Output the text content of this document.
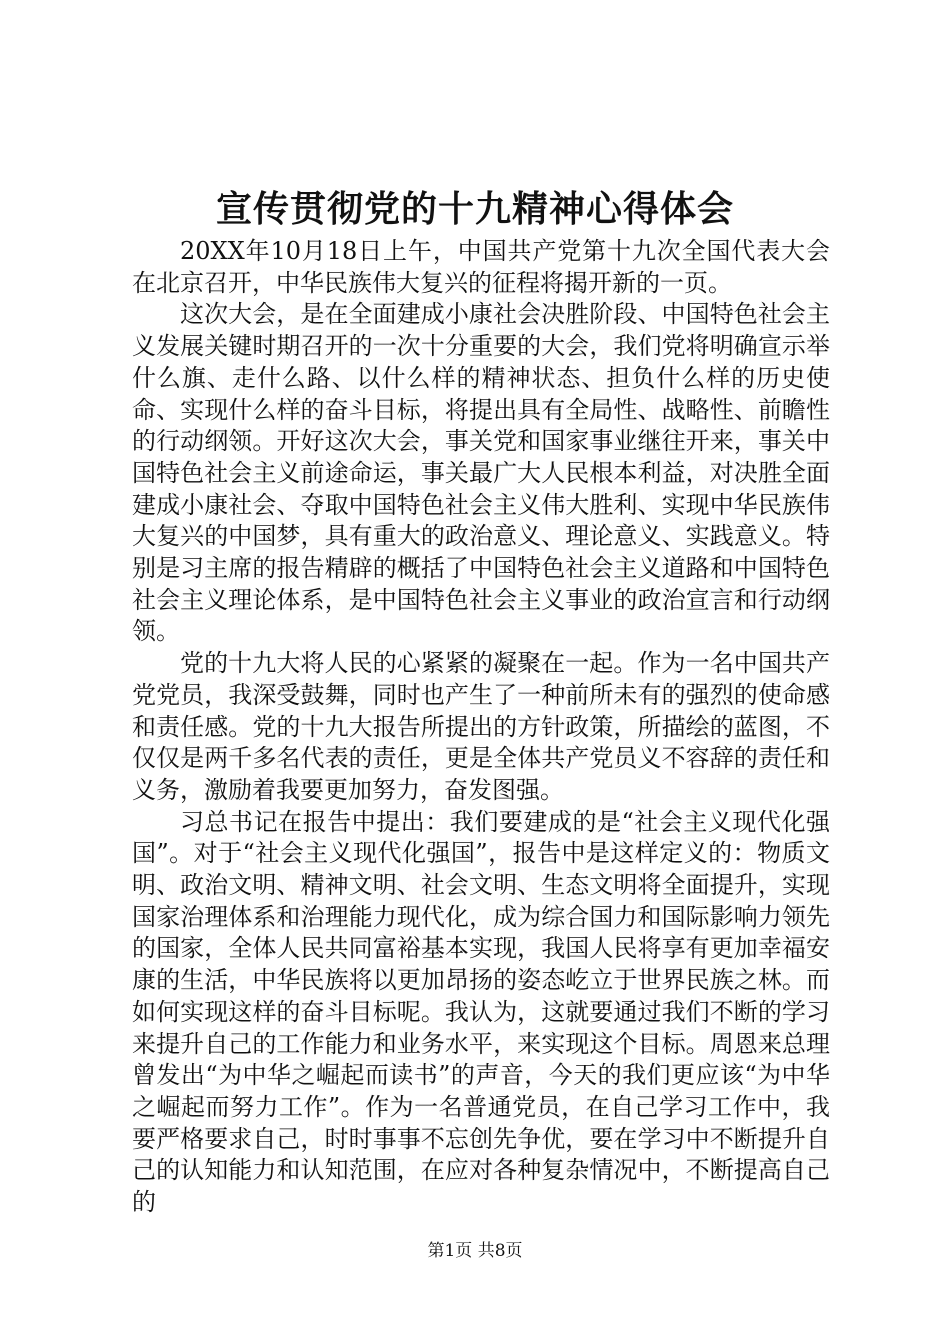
宣传贯彻党的十九精神心得体会

20XX年10月18日上午，中国共产党第十九次全国代表大会在北京召开，中华民族伟大复兴的征程将揭开新的一页。

这次大会，是在全面建成小康社会决胜阶段、中国特色社会主义发展关键时期召开的一次十分重要的大会，我们党将明确宣示举什么旗、走什么路、以什么样的精神状态、担负什么样的历史使命、实现什么样的奋斗目标，将提出具有全局性、战略性、前瞻性的行动纲领。开好这次大会，事关党和国家事业继往开来，事关中国特色社会主义前途命运，事关最广大人民根本利益，对决胜全面建成小康社会、夺取中国特色社会主义伟大胜利、实现中华民族伟大复兴的中国梦，具有重大的政治意义、理论意义、实践意义。特别是习主席的报告精辟的概括了中国特色社会主义道路和中国特色社会主义理论体系，是中国特色社会主义事业的政治宣言和行动纲领。

党的十九大将人民的心紧紧的凝聚在一起。作为一名中国共产党党员，我深受鼓舞，同时也产生了一种前所未有的强烈的使命感和责任感。党的十九大报告所提出的方针政策，所描绘的蓝图，不仅仅是两千多名代表的责任，更是全体共产党员义不容辞的责任和义务，激励着我要更加努力，奋发图强。

习总书记在报告中提出：我们要建成的是“社会主义现代化强国”。对于“社会主义现代化强国”，报告中是这样定义的：物质文明、政治文明、精神文明、社会文明、生态文明将全面提升，实现国家治理体系和治理能力现代化，成为综合国力和国际影响力领先的国家，全体人民共同富裕基本实现，我国人民将享有更加幸福安康的生活，中华民族将以更加昂扬的姿态屹立于世界民族之林。而如何实现这样的奋斗目标呢。我认为，这就要通过我们不断的学习来提升自己的工作能力和业务水平，来实现这个目标。周恩来总理曾发出“为中华之崛起而读书”的声音，今天的我们更应该“为中华之崛起而努力工作”。作为一名普通党员，在自己学习工作中，我要严格要求自己，时时事事不忘创先争优，要在学习中不断提升自己的认知能力和认知范围，在应对各种复杂情况中，不断提高自己的

第1页 共8页
